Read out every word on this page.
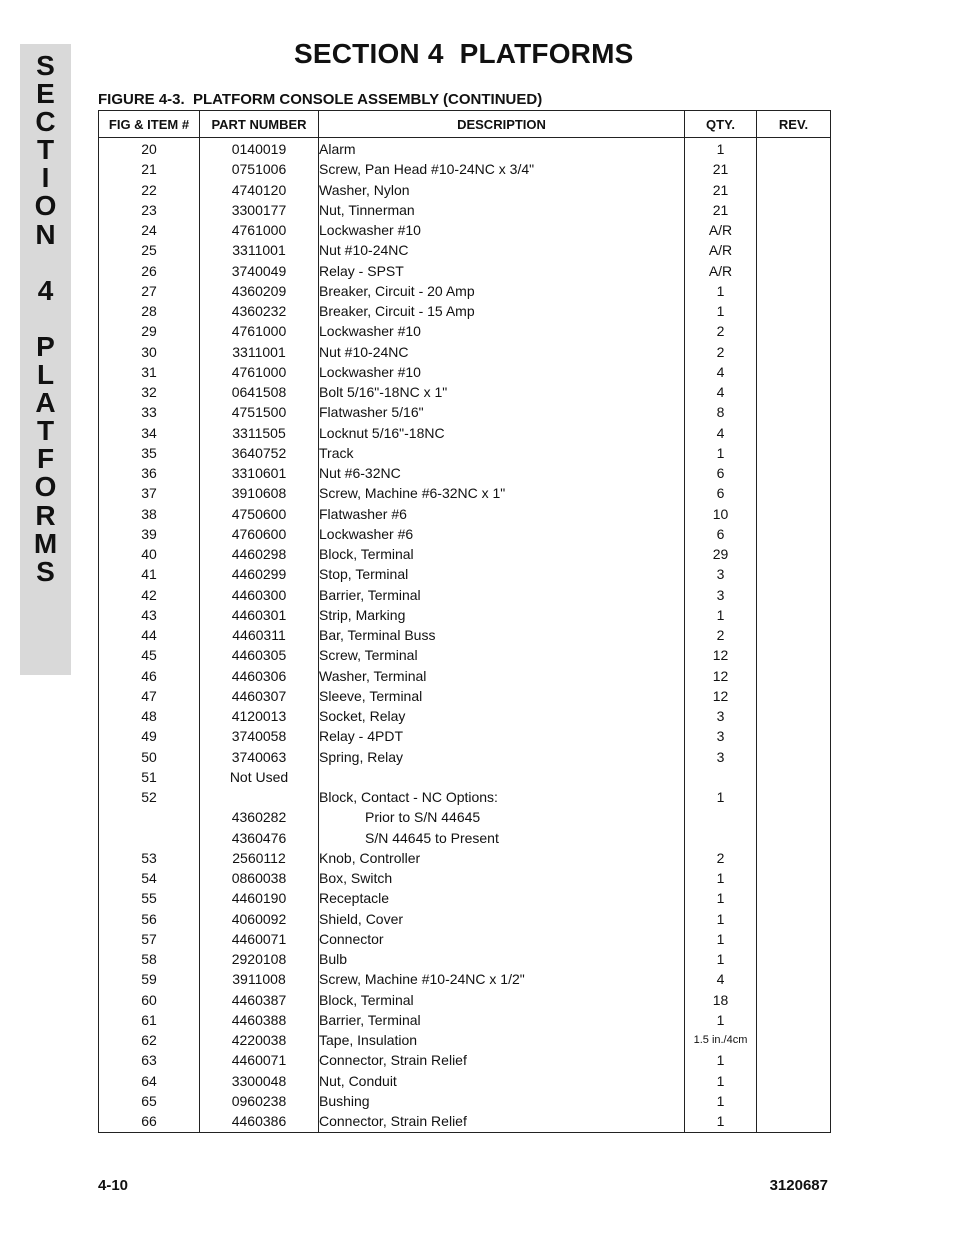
S
E
C
T
I
O
N
4
P
L
A
T
F
O
R
M
S
SECTION 4  PLATFORMS
FIGURE 4-3.  PLATFORM CONSOLE ASSEMBLY (CONTINUED)
FIG & ITEM #	PART NUMBER	DESCRIPTION	QTY.	REV.
20	0140019	Alarm	1	
21	0751006	Screw, Pan Head #10-24NC x 3/4"	21	
22	4740120	Washer, Nylon	21	
23	3300177	Nut, Tinnerman	21	
24	4761000	Lockwasher #10	A/R	
25	3311001	Nut #10-24NC	A/R	
26	3740049	Relay - SPST	A/R	
27	4360209	Breaker, Circuit - 20 Amp	1	
28	4360232	Breaker, Circuit - 15 Amp	1	
29	4761000	Lockwasher #10	2	
30	3311001	Nut #10-24NC	2	
31	4761000	Lockwasher #10	4	
32	0641508	Bolt 5/16"-18NC x 1"	4	
33	4751500	Flatwasher 5/16"	8	
34	3311505	Locknut 5/16"-18NC	4	
35	3640752	Track	1	
36	3310601	Nut #6-32NC	6	
37	3910608	Screw, Machine #6-32NC x 1"	6	
38	4750600	Flatwasher #6	10	
39	4760600	Lockwasher #6	6	
40	4460298	Block, Terminal	29	
41	4460299	Stop, Terminal	3	
42	4460300	Barrier, Terminal	3	
43	4460301	Strip, Marking	1	
44	4460311	Bar, Terminal Buss	2	
45	4460305	Screw, Terminal	12	
46	4460306	Washer, Terminal	12	
47	4460307	Sleeve, Terminal	12	
48	4120013	Socket, Relay	3	
49	3740058	Relay - 4PDT	3	
50	3740063	Spring, Relay	3	
51	Not Used			
52		Block, Contact - NC Options:	1	
	4360282	Prior to S/N 44645		
	4360476	S/N 44645 to Present		
53	2560112	Knob, Controller	2	
54	0860038	Box, Switch	1	
55	4460190	Receptacle	1	
56	4060092	Shield, Cover	1	
57	4460071	Connector	1	
58	2920108	Bulb	1	
59	3911008	Screw, Machine #10-24NC x 1/2"	4	
60	4460387	Block, Terminal	18	
61	4460388	Barrier, Terminal	1	
62	4220038	Tape, Insulation	1.5 in./4cm	
63	4460071	Connector, Strain Relief	1	
64	3300048	Nut, Conduit	1	
65	0960238	Bushing	1	
66	4460386	Connector, Strain Relief	1	

4-10	3120687
